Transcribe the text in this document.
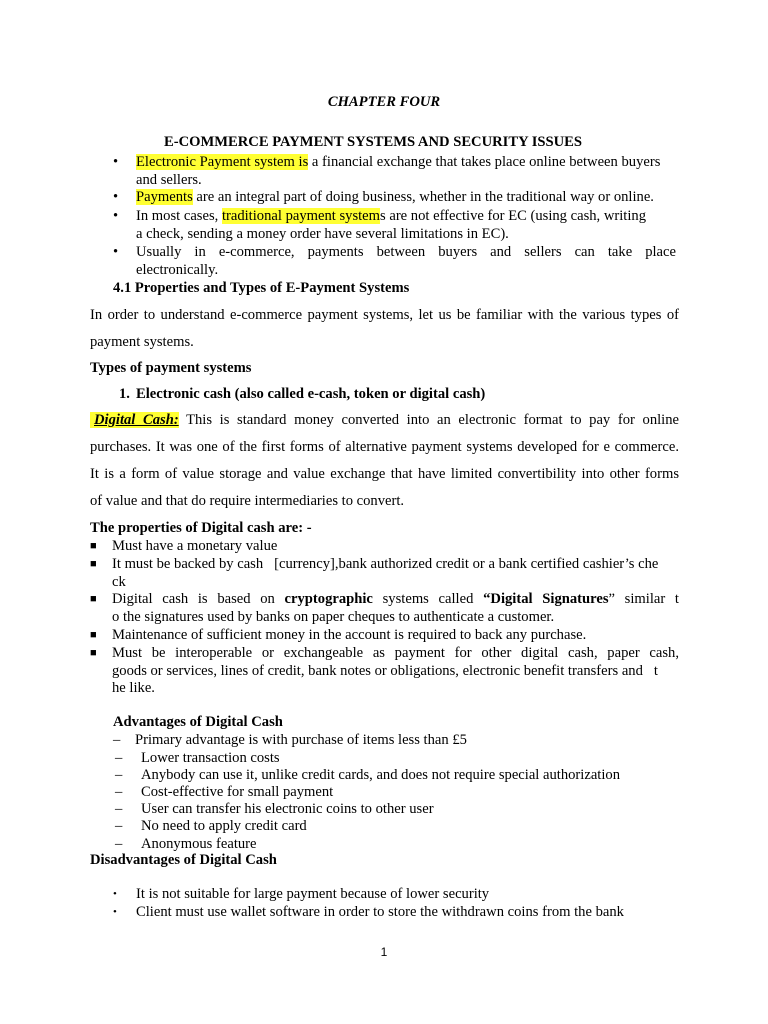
CHAPTER FOUR
E-COMMERCE PAYMENT SYSTEMS AND SECURITY ISSUES
• Electronic Payment system is a financial exchange that takes place online between buyers
and sellers.
• Payments are an integral part of doing business, whether in the traditional way or online.
• In most cases, traditional payment systems are not effective for EC (using cash, writing
a check, sending a money order have several limitations in EC).
• Usually in e-commerce, payments between buyers and sellers can take place
electronically.
4.1 Properties and Types of E-Payment Systems
In order to understand e-commerce payment systems, let us be familiar with the various types of
payment systems.
Types of payment systems
1. Electronic cash (also called e-cash, token or digital cash)
Digital Cash: This is standard money converted into an electronic format to pay for online
purchases. It was one of the first forms of alternative payment systems developed for e commerce.
It is a form of value storage and value exchange that have limited convertibility into other forms
of value and that do require intermediaries to convert.
The properties of Digital cash are: -
■ Must have a monetary value
■ It must be backed by cash   [currency],bank authorized credit or a bank certified cashier’s che
ck
■ Digital cash is based on cryptographic systems called “Digital Signatures” similar t
o the signatures used by banks on paper cheques to authenticate a customer.
■ Maintenance of sufficient money in the account is required to back any purchase.
■ Must be interoperable or exchangeable as payment for other digital cash, paper cash,
goods or services, lines of credit, bank notes or obligations, electronic benefit transfers and   t
he like.
Advantages of Digital Cash
– Primary advantage is with purchase of items less than £5
– Lower transaction costs
– Anybody can use it, unlike credit cards, and does not require special authorization
– Cost-effective for small payment
– User can transfer his electronic coins to other user
– No need to apply credit card
– Anonymous feature
Disadvantages of Digital Cash
• It is not suitable for large payment because of lower security
• Client must use wallet software in order to store the withdrawn coins from the bank
1
